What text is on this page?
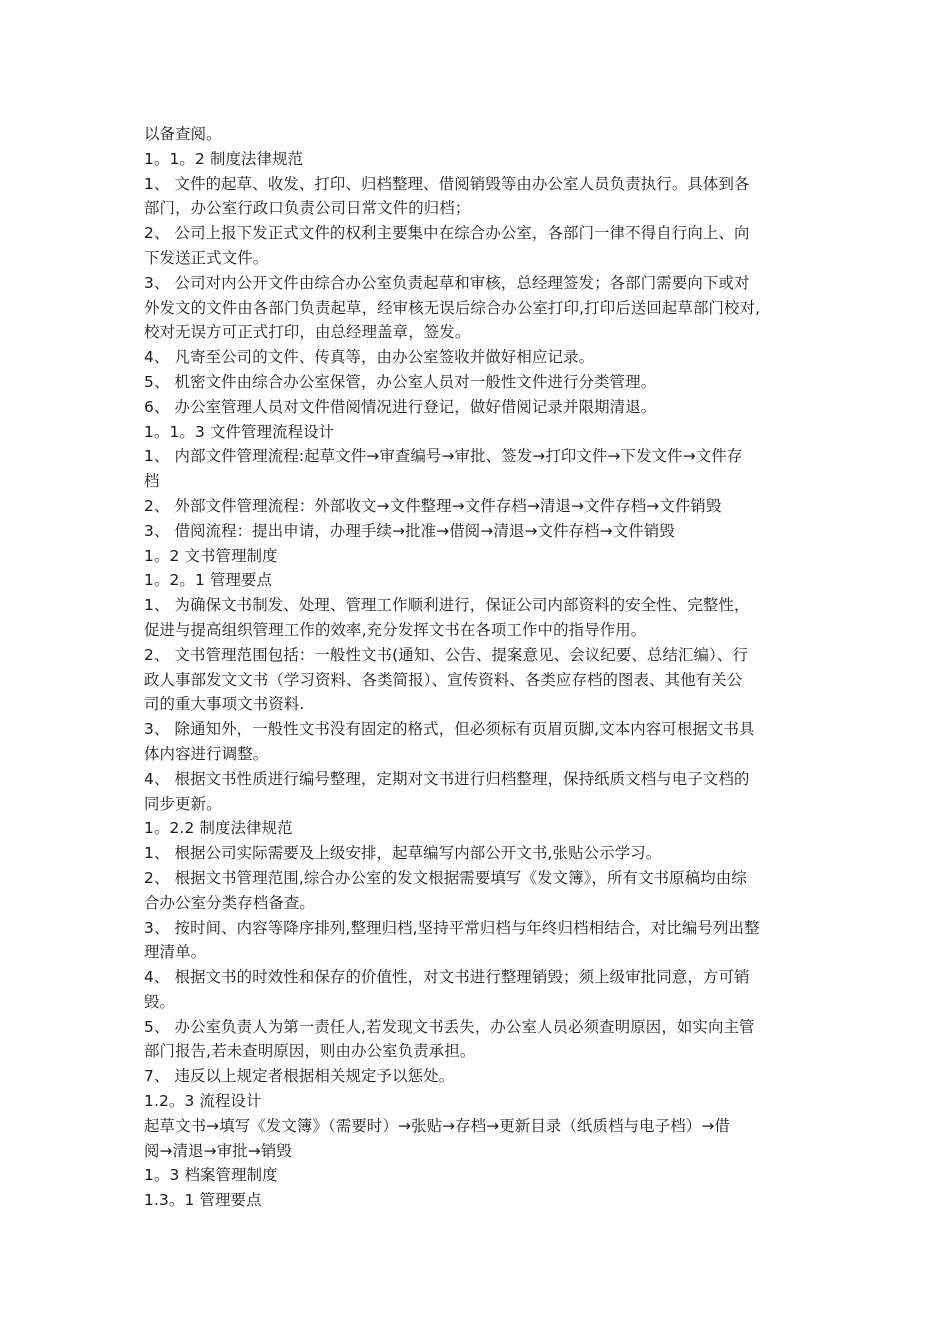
以备查阅。
1。1。2 制度法律规范
1、 文件的起草、收发、打印、归档整理、借阅销毁等由办公室人员负责执行。具体到各
部门，办公室行政口负责公司日常文件的归档；
2、 公司上报下发正式文件的权利主要集中在综合办公室，各部门一律不得自行向上、向
下发送正式文件。
3、 公司对内公开文件由综合办公室负责起草和审核，总经理签发；各部门需要向下或对
外发文的文件由各部门负责起草，经审核无误后综合办公室打印,打印后送回起草部门校对,
校对无误方可正式打印，由总经理盖章，签发。
4、 凡寄至公司的文件、传真等，由办公室签收并做好相应记录。
5、 机密文件由综合办公室保管，办公室人员对一般性文件进行分类管理。
6、 办公室管理人员对文件借阅情况进行登记，做好借阅记录并限期清退。
1。1。3 文件管理流程设计
1、 内部文件管理流程:起草文件→审查编号→审批、签发→打印文件→下发文件→文件存
档
2、 外部文件管理流程：外部收文→文件整理→文件存档→清退→文件存档→文件销毁
3、 借阅流程：提出申请，办理手续→批准→借阅→清退→文件存档→文件销毁
1。2 文书管理制度
1。2。1 管理要点
1、 为确保文书制发、处理、管理工作顺利进行，保证公司内部资料的安全性、完整性，
促进与提高组织管理工作的效率,充分发挥文书在各项工作中的指导作用。
2、 文书管理范围包括：一般性文书(通知、公告、提案意见、会议纪要、总结汇编）、行
政人事部发文文书（学习资料、各类简报）、宣传资料、各类应存档的图表、其他有关公
司的重大事项文书资料.
3、 除通知外，一般性文书没有固定的格式，但必须标有页眉页脚,文本内容可根据文书具
体内容进行调整。
4、 根据文书性质进行编号整理，定期对文书进行归档整理，保持纸质文档与电子文档的
同步更新。
1。2.2 制度法律规范
1、 根据公司实际需要及上级安排，起草编写内部公开文书,张贴公示学习。
2、 根据文书管理范围,综合办公室的发文根据需要填写《发文簿》，所有文书原稿均由综
合办公室分类存档备查。
3、 按时间、内容等降序排列,整理归档,坚持平常归档与年终归档相结合，对比编号列出整
理清单。
4、 根据文书的时效性和保存的价值性，对文书进行整理销毁；须上级审批同意，方可销
毁。
5、 办公室负责人为第一责任人,若发现文书丢失，办公室人员必须查明原因，如实向主管
部门报告,若未查明原因，则由办公室负责承担。
7、 违反以上规定者根据相关规定予以惩处。
1.2。3 流程设计
起草文书→填写《发文簿》（需要时）→张贴→存档→更新目录（纸质档与电子档）→借
阅→清退→审批→销毁
1。3 档案管理制度
1.3。1 管理要点
